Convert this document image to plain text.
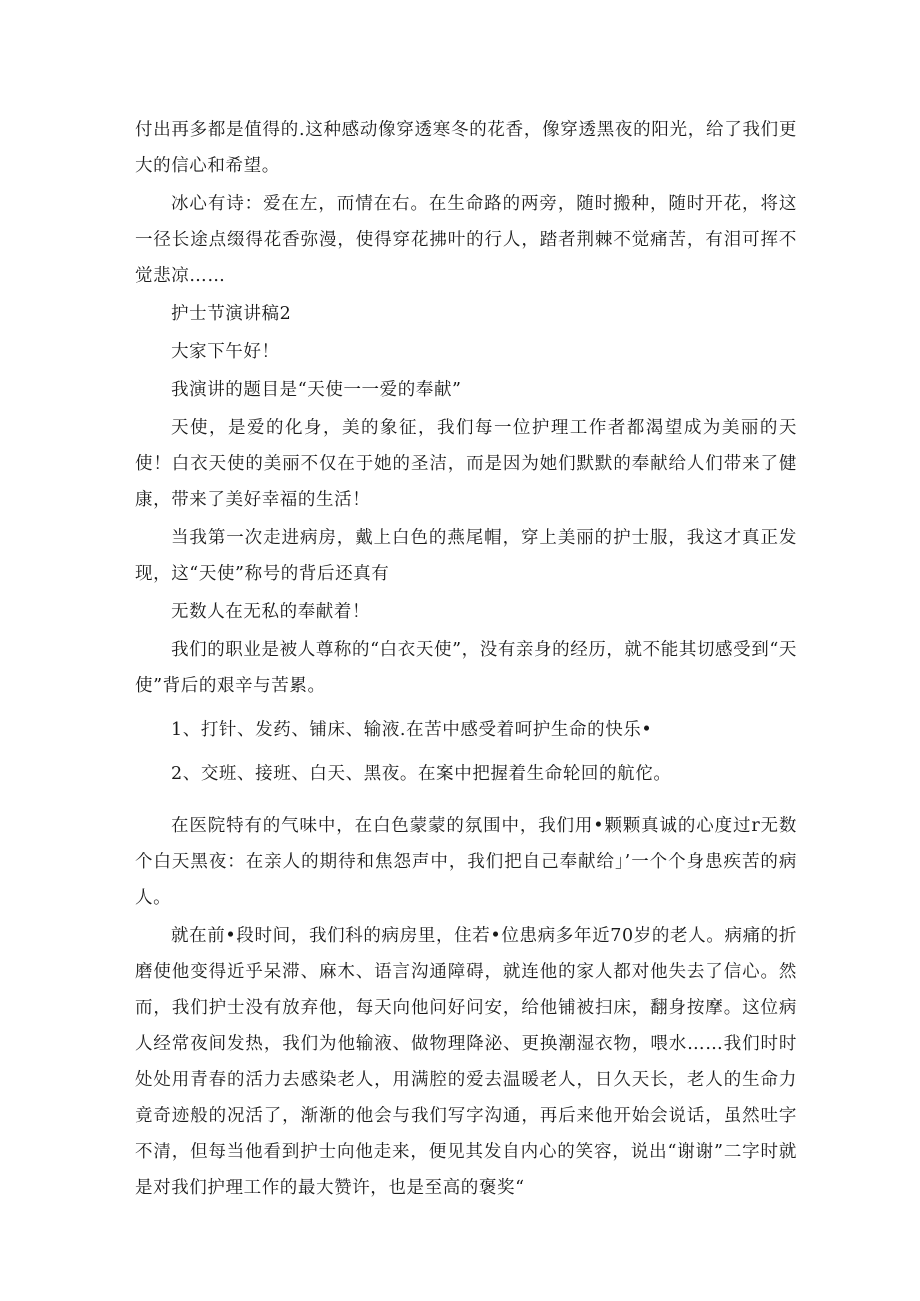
付出再多都是值得的.这种感动像穿透寒冬的花香，像穿透黑夜的阳光，给了我们更大的信心和希望。

冰心有诗：爱在左，而情在右。在生命路的两旁，随时搬种，随时开花，将这一径长途点缀得花香弥漫，使得穿花拂叶的行人，踏者荆棘不觉痛苦，有泪可挥不觉悲凉……

护士节演讲稿2

大家下午好！

我演讲的题目是“天使一一爱的奉献”

天使，是爱的化身，美的象征，我们每一位护理工作者都渴望成为美丽的天使！白衣天使的美丽不仅在于她的圣洁，而是因为她们默默的奉献给人们带来了健康，带来了美好幸福的生活！

当我第一次走进病房，戴上白色的燕尾帽，穿上美丽的护士服，我这才真正发现，这“天使”称号的背后还真有

无数人在无私的奉献着！

我们的职业是被人尊称的“白衣天使”，没有亲身的经历，就不能其切感受到“天使”背后的艰辛与苦累。

1、打针、发药、铺床、输液.在苦中感受着呵护生命的快乐•

2、交班、接班、白天、黑夜。在案中把握着生命轮回的航佗。

在医院特有的气味中，在白色蒙蒙的氛围中，我们用•颗颗真诚的心度过r无数个白天黑夜：在亲人的期待和焦怨声中，我们把自己奉献给」’一个个身患疾苦的病人。

就在前•段时间，我们科的病房里，住若•位患病多年近70岁的老人。病痛的折磨使他变得近乎呆滞、麻木、语言沟通障碍，就连他的家人都对他失去了信心。然而，我们护士没有放弃他，每天向他问好问安，给他铺被扫床，翻身按摩。这位病人经常夜间发热，我们为他输液、做物理降泌、更换潮湿衣物，喂水……我们时时处处用青春的活力去感染老人，用满腔的爱去温暖老人，日久天长，老人的生命力竟奇迹般的况活了，渐渐的他会与我们写字沟通，再后来他开始会说话，虽然吐字不清，但每当他看到护士向他走来，便见其发自内心的笑容，说出“谢谢”二字时就是对我们护理工作的最大赞许，也是至高的褒奖“
